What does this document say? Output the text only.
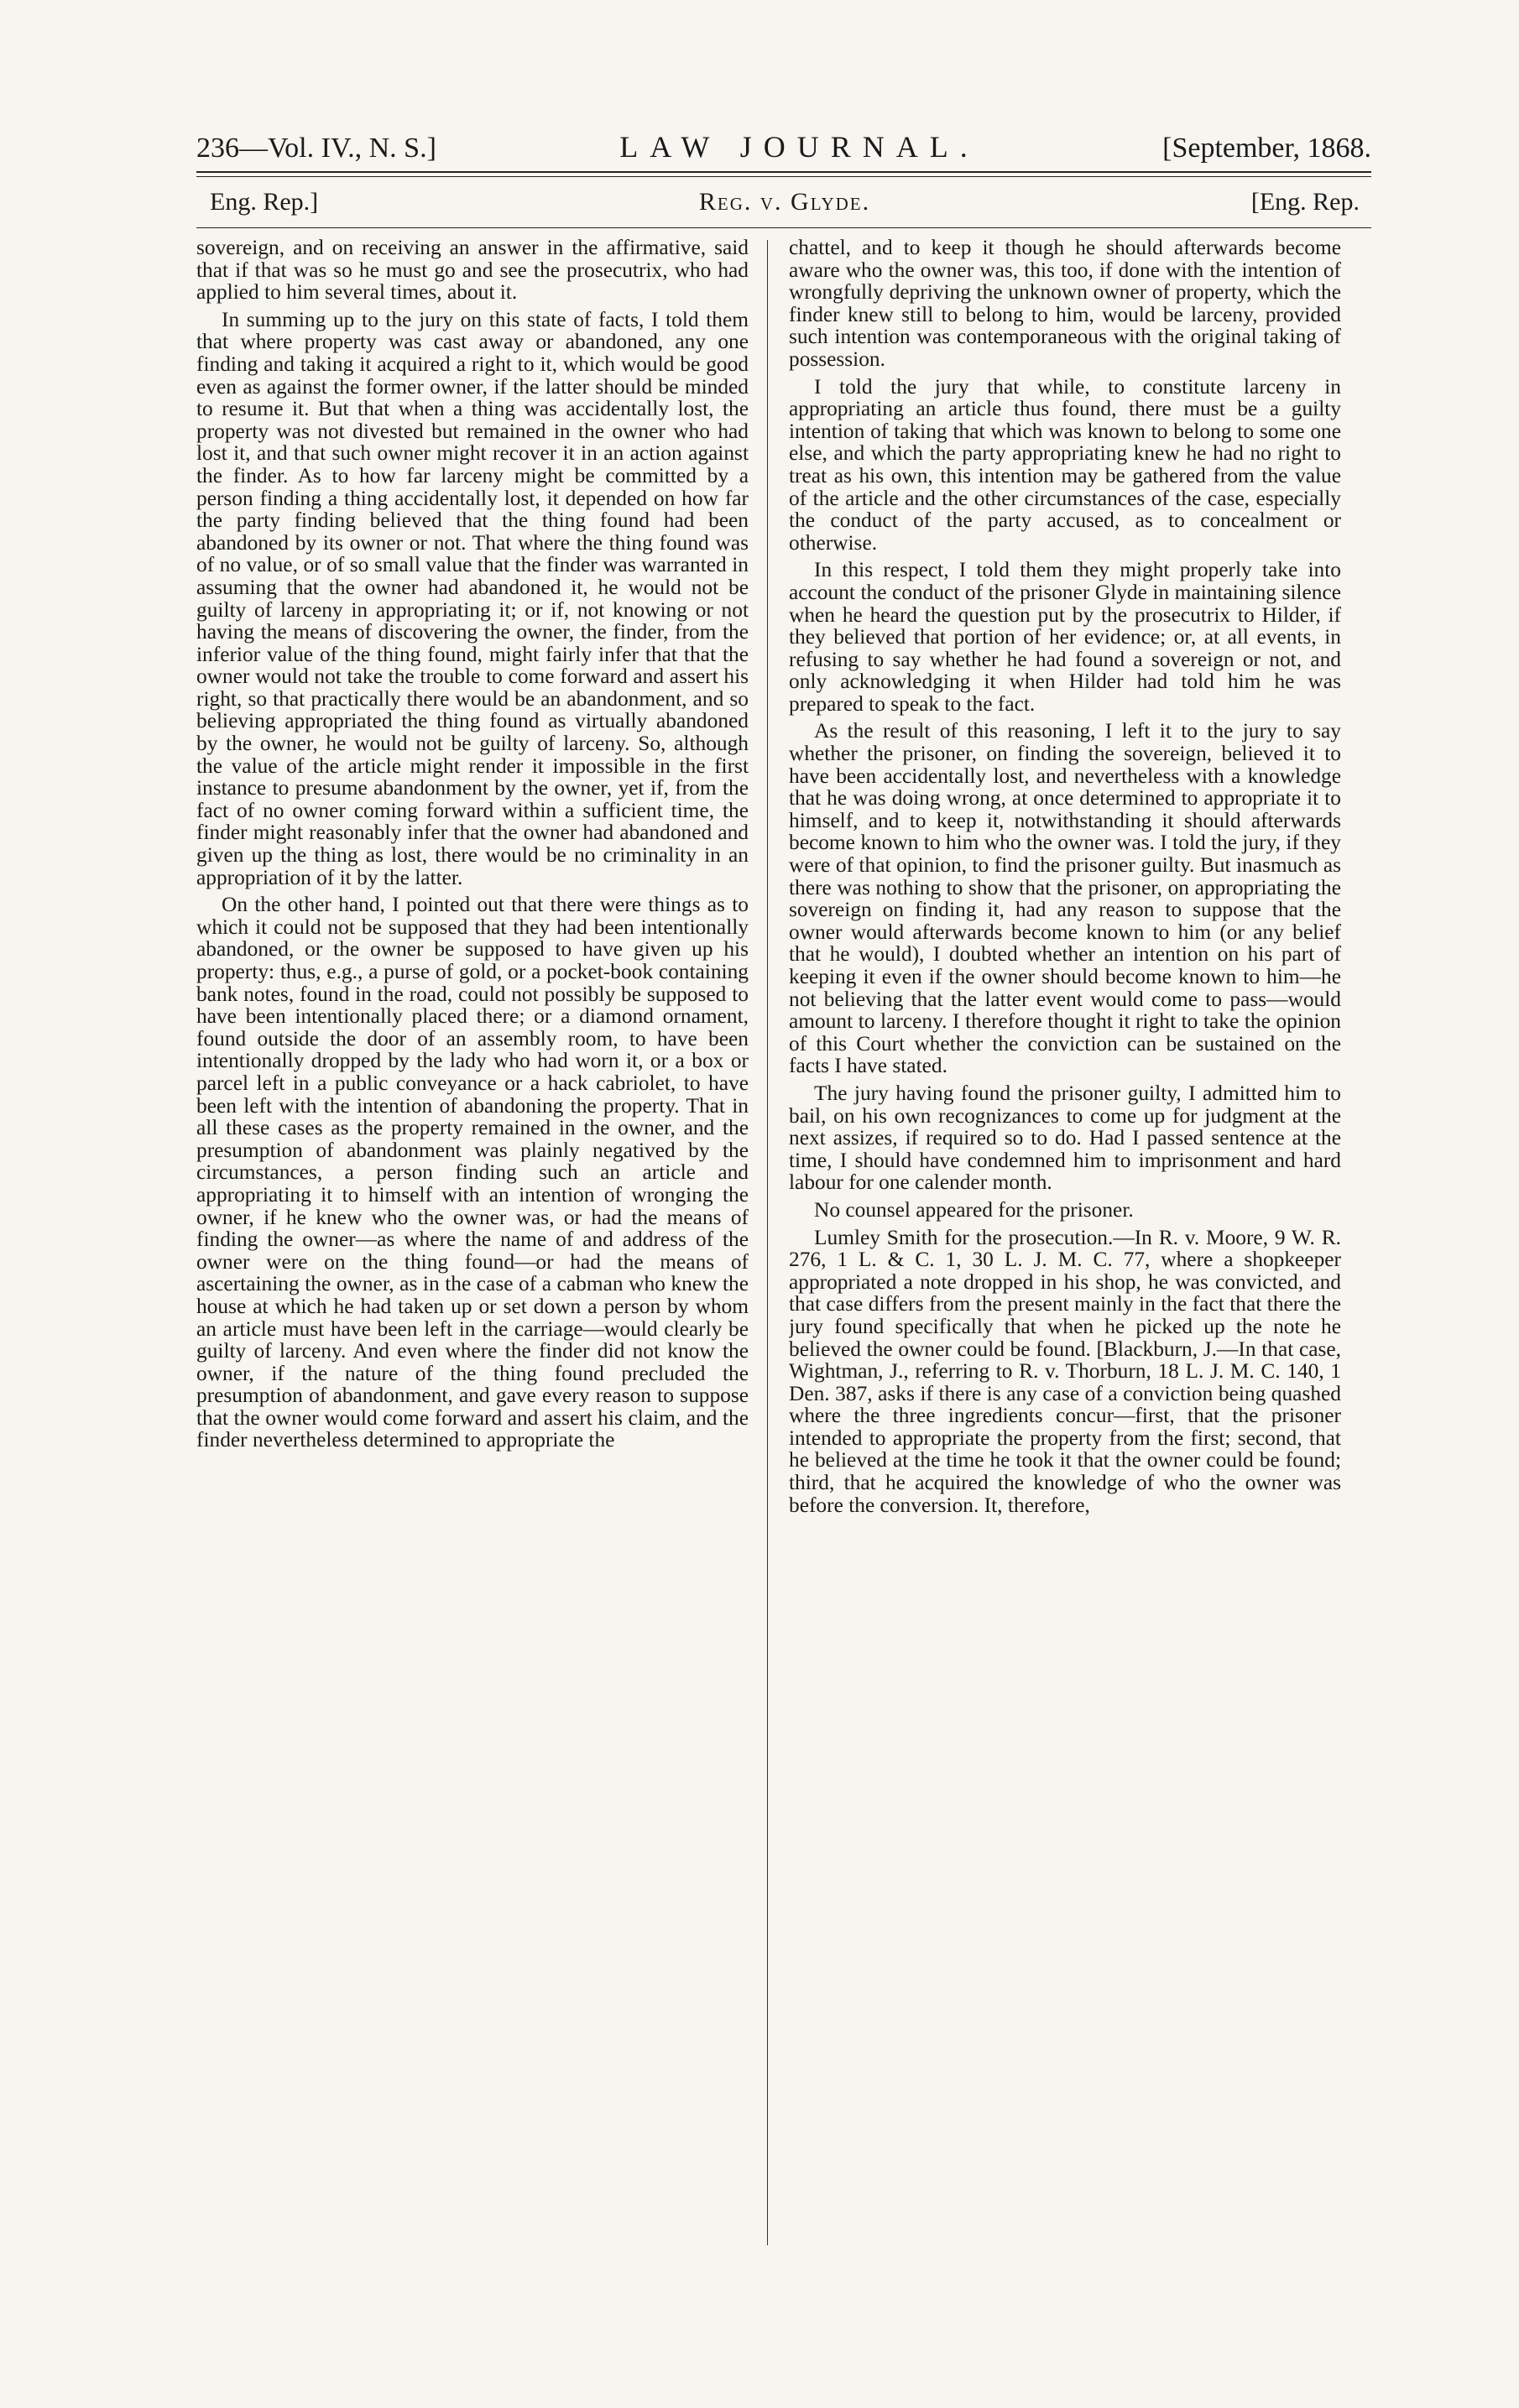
236—Vol. IV., N. S.]	LAW JOURNAL.	[September, 1868.
Eng. Rep.]	Reg. v. Glyde.	[Eng. Rep.

sovereign, and on receiving an answer in the affirmative, said that if that was so he must go and see the prosecutrix, who had applied to him several times, about it.

In summing up to the jury on this state of facts, I told them that where property was cast away or abandoned, any one finding and taking it acquired a right to it, which would be good even as against the former owner, if the latter should be minded to resume it. But that when a thing was accidentally lost, the property was not divested but remained in the owner who had lost it, and that such owner might recover it in an action against the finder. As to how far larceny might be committed by a person finding a thing accidentally lost, it depended on how far the party finding believed that the thing found had been abandoned by its owner or not. That where the thing found was of no value, or of so small value that the finder was warranted in assuming that the owner had abandoned it, he would not be guilty of larceny in appropriating it; or if, not knowing or not having the means of discovering the owner, the finder, from the inferior value of the thing found, might fairly infer that that the owner would not take the trouble to come forward and assert his right, so that practically there would be an abandonment, and so believing appropriated the thing found as virtually abandoned by the owner, he would not be guilty of larceny. So, although the value of the article might render it impossible in the first instance to presume abandonment by the owner, yet if, from the fact of no owner coming forward within a sufficient time, the finder might reasonably infer that the owner had abandoned and given up the thing as lost, there would be no criminality in an appropriation of it by the latter.

On the other hand, I pointed out that there were things as to which it could not be supposed that they had been intentionally abandoned, or the owner be supposed to have given up his property: thus, e.g., a purse of gold, or a pocket-book containing bank notes, found in the road, could not possibly be supposed to have been intentionally placed there; or a diamond ornament, found outside the door of an assembly room, to have been intentionally dropped by the lady who had worn it, or a box or parcel left in a public conveyance or a hack cabriolet, to have been left with the intention of abandoning the property. That in all these cases as the property remained in the owner, and the presumption of abandonment was plainly negatived by the circumstances, a person finding such an article and appropriating it to himself with an intention of wronging the owner, if he knew who the owner was, or had the means of finding the owner—as where the name of and address of the owner were on the thing found—or had the means of ascertaining the owner, as in the case of a cabman who knew the house at which he had taken up or set down a person by whom an article must have been left in the carriage—would clearly be guilty of larceny. And even where the finder did not know the owner, if the nature of the thing found precluded the presumption of abandonment, and gave every reason to suppose that the owner would come forward and assert his claim, and the finder nevertheless determined to appropriate the

chattel, and to keep it though he should afterwards become aware who the owner was, this too, if done with the intention of wrongfully depriving the unknown owner of property, which the finder knew still to belong to him, would be larceny, provided such intention was contemporaneous with the original taking of possession.

I told the jury that while, to constitute larceny in appropriating an article thus found, there must be a guilty intention of taking that which was known to belong to some one else, and which the party appropriating knew he had no right to treat as his own, this intention may be gathered from the value of the article and the other circumstances of the case, especially the conduct of the party accused, as to concealment or otherwise.

In this respect, I told them they might properly take into account the conduct of the prisoner Glyde in maintaining silence when he heard the question put by the prosecutrix to Hilder, if they believed that portion of her evidence; or, at all events, in refusing to say whether he had found a sovereign or not, and only acknowledging it when Hilder had told him he was prepared to speak to the fact.

As the result of this reasoning, I left it to the jury to say whether the prisoner, on finding the sovereign, believed it to have been accidentally lost, and nevertheless with a knowledge that he was doing wrong, at once determined to appropriate it to himself, and to keep it, notwithstanding it should afterwards become known to him who the owner was. I told the jury, if they were of that opinion, to find the prisoner guilty. But inasmuch as there was nothing to show that the prisoner, on appropriating the sovereign on finding it, had any reason to suppose that the owner would afterwards become known to him (or any belief that he would), I doubted whether an intention on his part of keeping it even if the owner should become known to him—he not believing that the latter event would come to pass—would amount to larceny. I therefore thought it right to take the opinion of this Court whether the conviction can be sustained on the facts I have stated.

The jury having found the prisoner guilty, I admitted him to bail, on his own recognizances to come up for judgment at the next assizes, if required so to do. Had I passed sentence at the time, I should have condemned him to imprisonment and hard labour for one calender month.

No counsel appeared for the prisoner.

Lumley Smith for the prosecution.—In R. v. Moore, 9 W. R. 276, 1 L. & C. 1, 30 L. J. M. C. 77, where a shopkeeper appropriated a note dropped in his shop, he was convicted, and that case differs from the present mainly in the fact that there the jury found specifically that when he picked up the note he believed the owner could be found. [Blackburn, J.—In that case, Wightman, J., referring to R. v. Thorburn, 18 L. J. M. C. 140, 1 Den. 387, asks if there is any case of a conviction being quashed where the three ingredients concur—first, that the prisoner intended to appropriate the property from the first; second, that he believed at the time he took it that the owner could be found; third, that he acquired the knowledge of who the owner was before the conversion. It, therefore,
